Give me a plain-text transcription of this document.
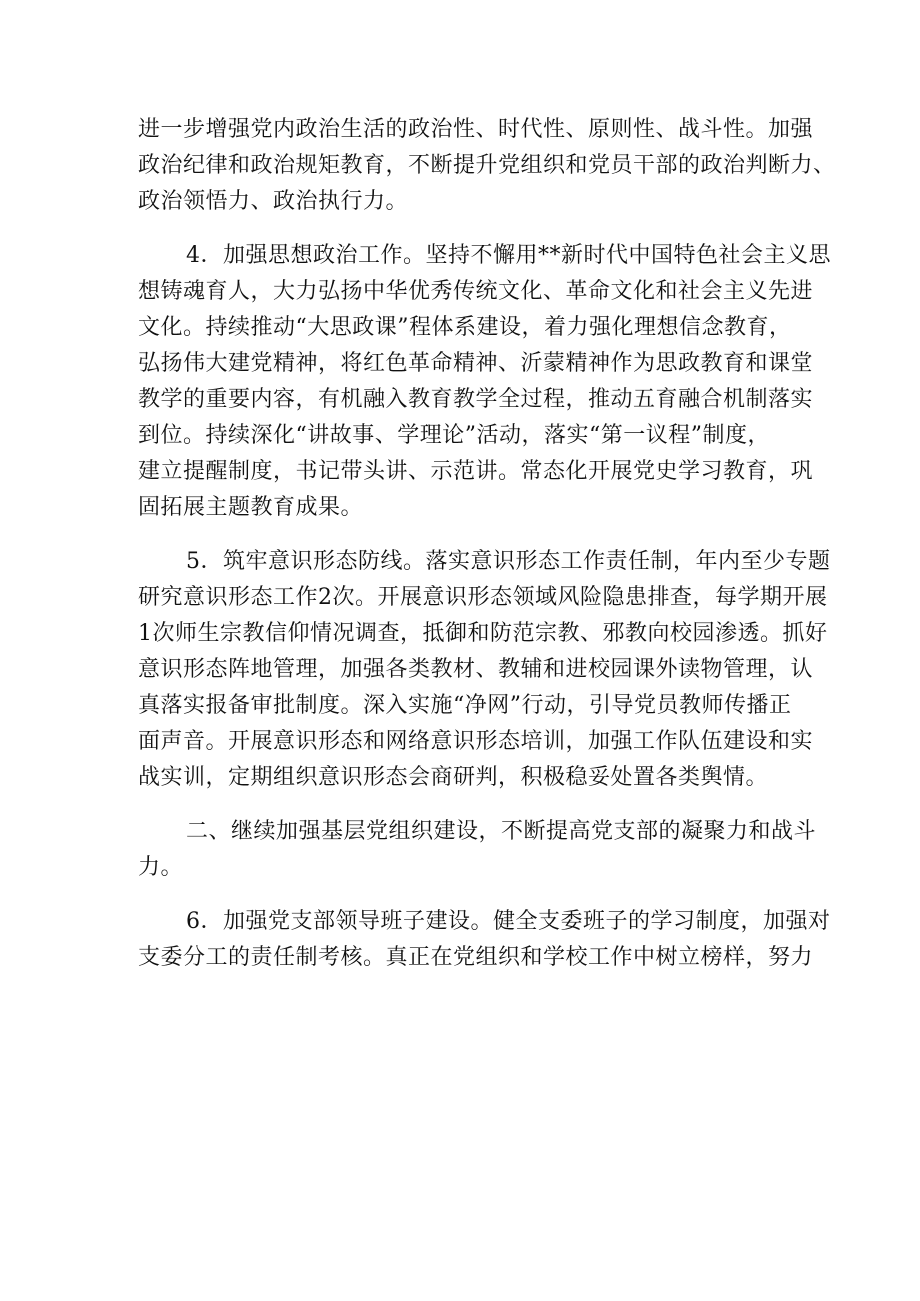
进一步增强党内政治生活的政治性、时代性、原则性、战斗性。加强
政治纪律和政治规矩教育，不断提升党组织和党员干部的政治判断力、
政治领悟力、政治执行力。
4．加强思想政治工作。坚持不懈用**新时代中国特色社会主义思
想铸魂育人，大力弘扬中华优秀传统文化、革命文化和社会主义先进
文化。持续推动“大思政课”程体系建设，着力强化理想信念教育，
弘扬伟大建党精神，将红色革命精神、沂蒙精神作为思政教育和课堂
教学的重要内容，有机融入教育教学全过程，推动五育融合机制落实
到位。持续深化“讲故事、学理论”活动，落实“第一议程”制度，
建立提醒制度，书记带头讲、示范讲。常态化开展党史学习教育，巩
固拓展主题教育成果。
5．筑牢意识形态防线。落实意识形态工作责任制，年内至少专题
研究意识形态工作2次。开展意识形态领域风险隐患排查，每学期开展
1次师生宗教信仰情况调查，抵御和防范宗教、邪教向校园渗透。抓好
意识形态阵地管理，加强各类教材、教辅和进校园课外读物管理，认
真落实报备审批制度。深入实施“净网”行动，引导党员教师传播正
面声音。开展意识形态和网络意识形态培训，加强工作队伍建设和实
战实训，定期组织意识形态会商研判，积极稳妥处置各类舆情。
二、继续加强基层党组织建设，不断提高党支部的凝聚力和战斗
力。
6．加强党支部领导班子建设。健全支委班子的学习制度，加强对
支委分工的责任制考核。真正在党组织和学校工作中树立榜样，努力
